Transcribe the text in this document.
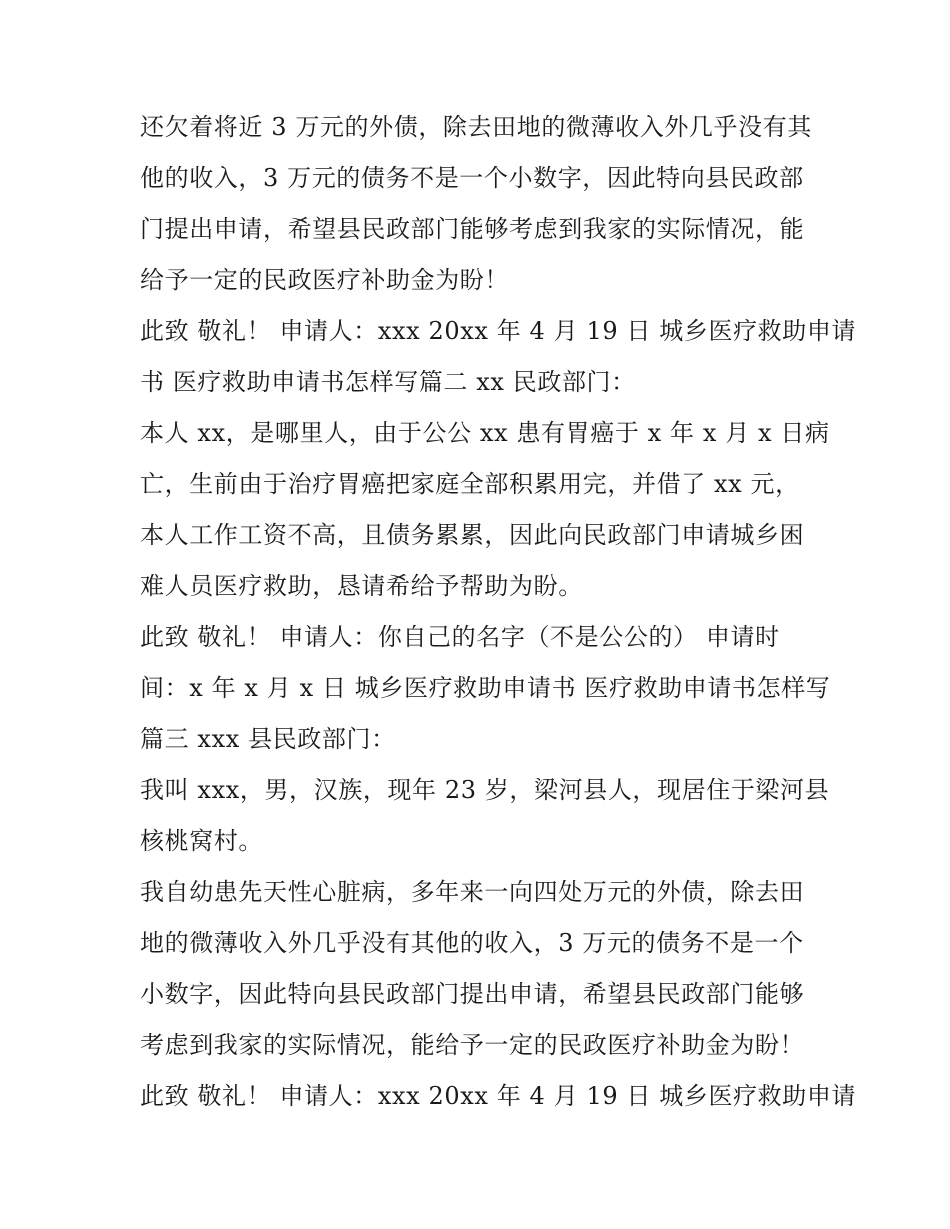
还欠着将近 3 万元的外债，除去田地的微薄收入外几乎没有其
他的收入，3 万元的债务不是一个小数字，因此特向县民政部
门提出申请，希望县民政部门能够考虑到我家的实际情况，能
给予一定的民政医疗补助金为盼！
此致 敬礼！ 申请人：xxx 20xx 年 4 月 19 日 城乡医疗救助申请
书 医疗救助申请书怎样写篇二 xx 民政部门：
本人 xx，是哪里人，由于公公 xx 患有胃癌于 x 年 x 月 x 日病
亡，生前由于治疗胃癌把家庭全部积累用完，并借了 xx 元，
本人工作工资不高，且债务累累，因此向民政部门申请城乡困
难人员医疗救助，恳请希给予帮助为盼。
此致 敬礼！ 申请人：你自己的名字（不是公公的） 申请时
间：x 年 x 月 x 日 城乡医疗救助申请书 医疗救助申请书怎样写
篇三 xxx 县民政部门：
我叫 xxx，男，汉族，现年 23 岁，梁河县人，现居住于梁河县
核桃窝村。
我自幼患先天性心脏病，多年来一向四处万元的外债，除去田
地的微薄收入外几乎没有其他的收入，3 万元的债务不是一个
小数字，因此特向县民政部门提出申请，希望县民政部门能够
考虑到我家的实际情况，能给予一定的民政医疗补助金为盼！
此致 敬礼！ 申请人：xxx 20xx 年 4 月 19 日 城乡医疗救助申请
